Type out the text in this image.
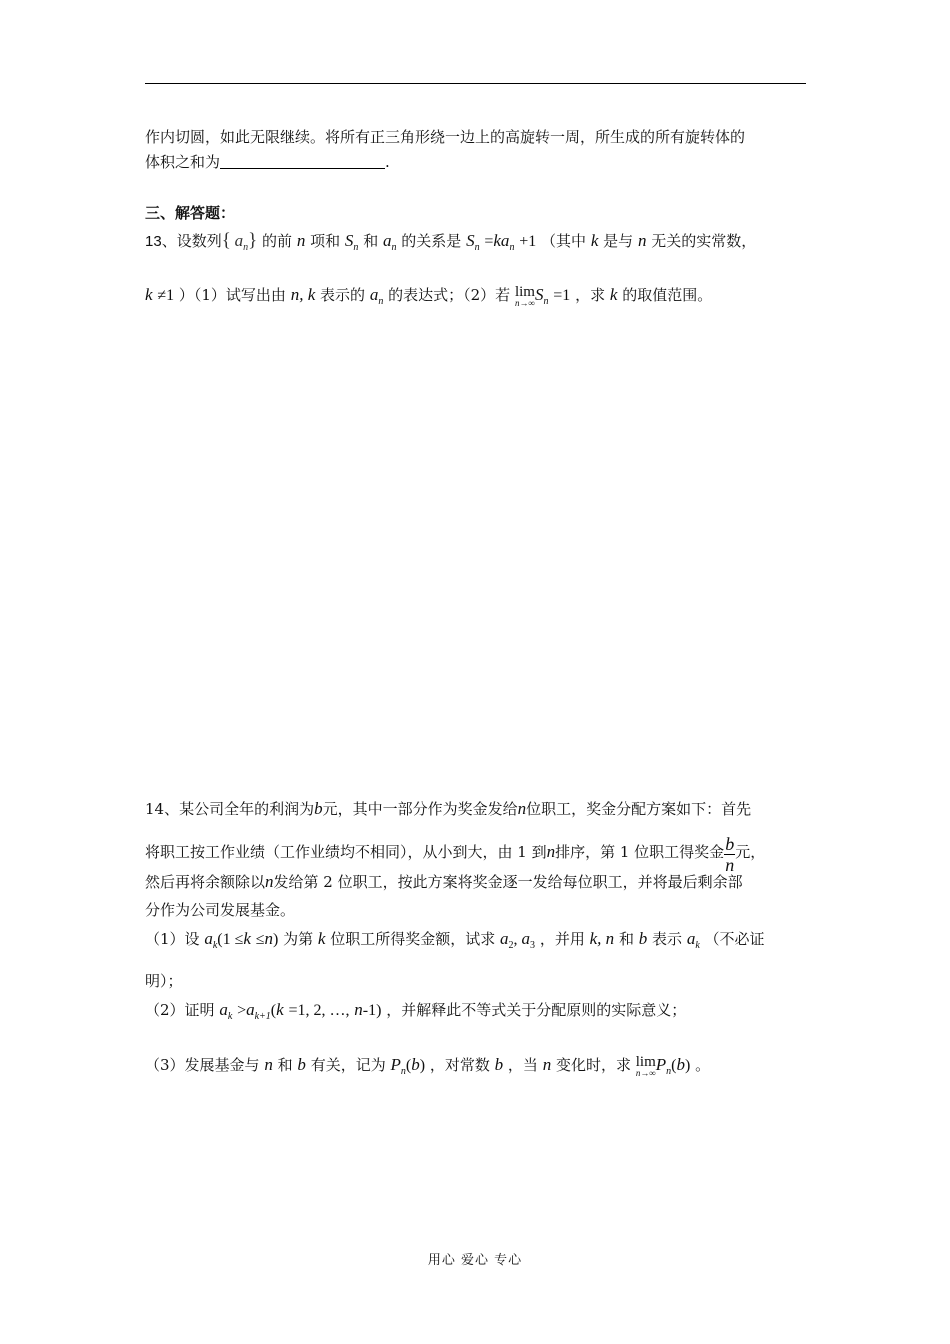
作内切圆，如此无限继续。将所有正三角形绕一边上的高旋转一周，所生成的所有旋转体的
体积之和为	.
三、解答题：
13、设数列{ $a_n$} 的前 n 项和 $S_n$ 和 $a_n$ 的关系是 $S_n =ka_n +1$ （其中 k 是与 n 无关的实常数，
k ≠1 ）（1）试写出由 n, k 表示的 $a_n$ 的表达式；（2）若 lim
n→∞ $S_n =1$ ，求 k 的取值范围。
14、某公司全年的利润为b元，其中一部分作为奖金发给n位职工，奖金分配方案如下：首先
将职工按工作业绩（工作业绩均不相同），从小到大，由 1 到n排序，第 1 位职工得奖金 $\frac{b}{n}$ 元，
然后再将余额除以n发给第 2 位职工，按此方案将奖金逐一发给每位职工，并将最后剩余部
分作为公司发展基金。
（1）设 $a_k(1 \le k \le n)$ 为第 k 位职工所得奖金额，试求 $a_2$, $a_3$ ，并用 k, n 和 b 表示 $a_k$ （不必证
明）；
（2）证明 $a_k >a_{k+1}(k =1$, 2, …, n-1) ，并解释此不等式关于分配原则的实际意义；
（3）发展基金与 n 和 b 有关，记为 $P_n(b)$ ，对常数 b ，当 n 变化时，求 lim
n→∞ $P_n(b)$ 。
用心 爱心 专心
